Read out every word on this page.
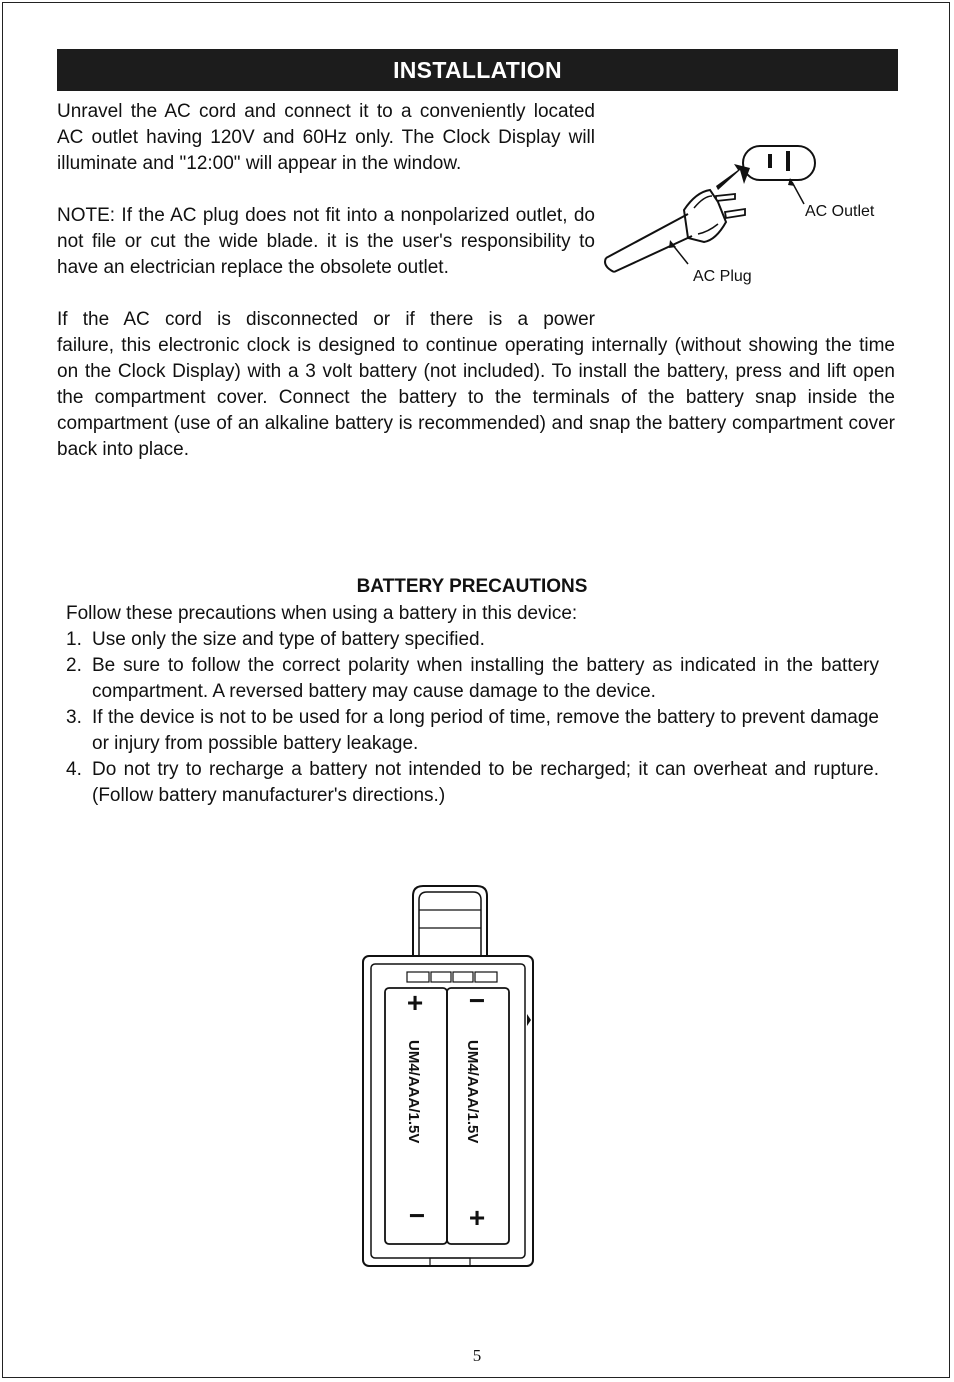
INSTALLATION

Unravel the AC cord and connect it to a conveniently located AC outlet having 120V and 60Hz only. The Clock Display will illuminate and "12:00" will appear in the window.

NOTE: If the AC plug does not fit into a nonpolarized outlet, do not file or cut the wide blade. it is the user's responsibility to have an electrician replace the obsolete outlet.

If the AC cord is disconnected or if there is a power

failure, this electronic clock is designed to continue operating internally (without showing the time on the Clock Display) with a 3 volt battery (not included). To install the battery, press and lift open the compartment cover. Connect the battery to the terminals of the battery snap inside the compartment (use of an alkaline battery is recommended) and snap the battery compartment cover back into place.

AC Outlet
AC Plug
BATTERY PRECAUTIONS

Follow these precautions when using a battery in this device:

1. Use only the size and type of battery specified.
2. Be sure to follow the correct polarity when installing the battery as indicated in the battery compartment. A reversed battery may cause damage to the device.
3. If the device is not to be used for a long period of time, remove the battery to prevent damage or injury from possible battery leakage.
4. Do not try to recharge a battery not intended to be recharged; it can overheat and rupture. (Follow battery manufacturer's directions.)
+ −
− +
UM4/AAA/1.5V	UM4/AAA/1.5V
5
